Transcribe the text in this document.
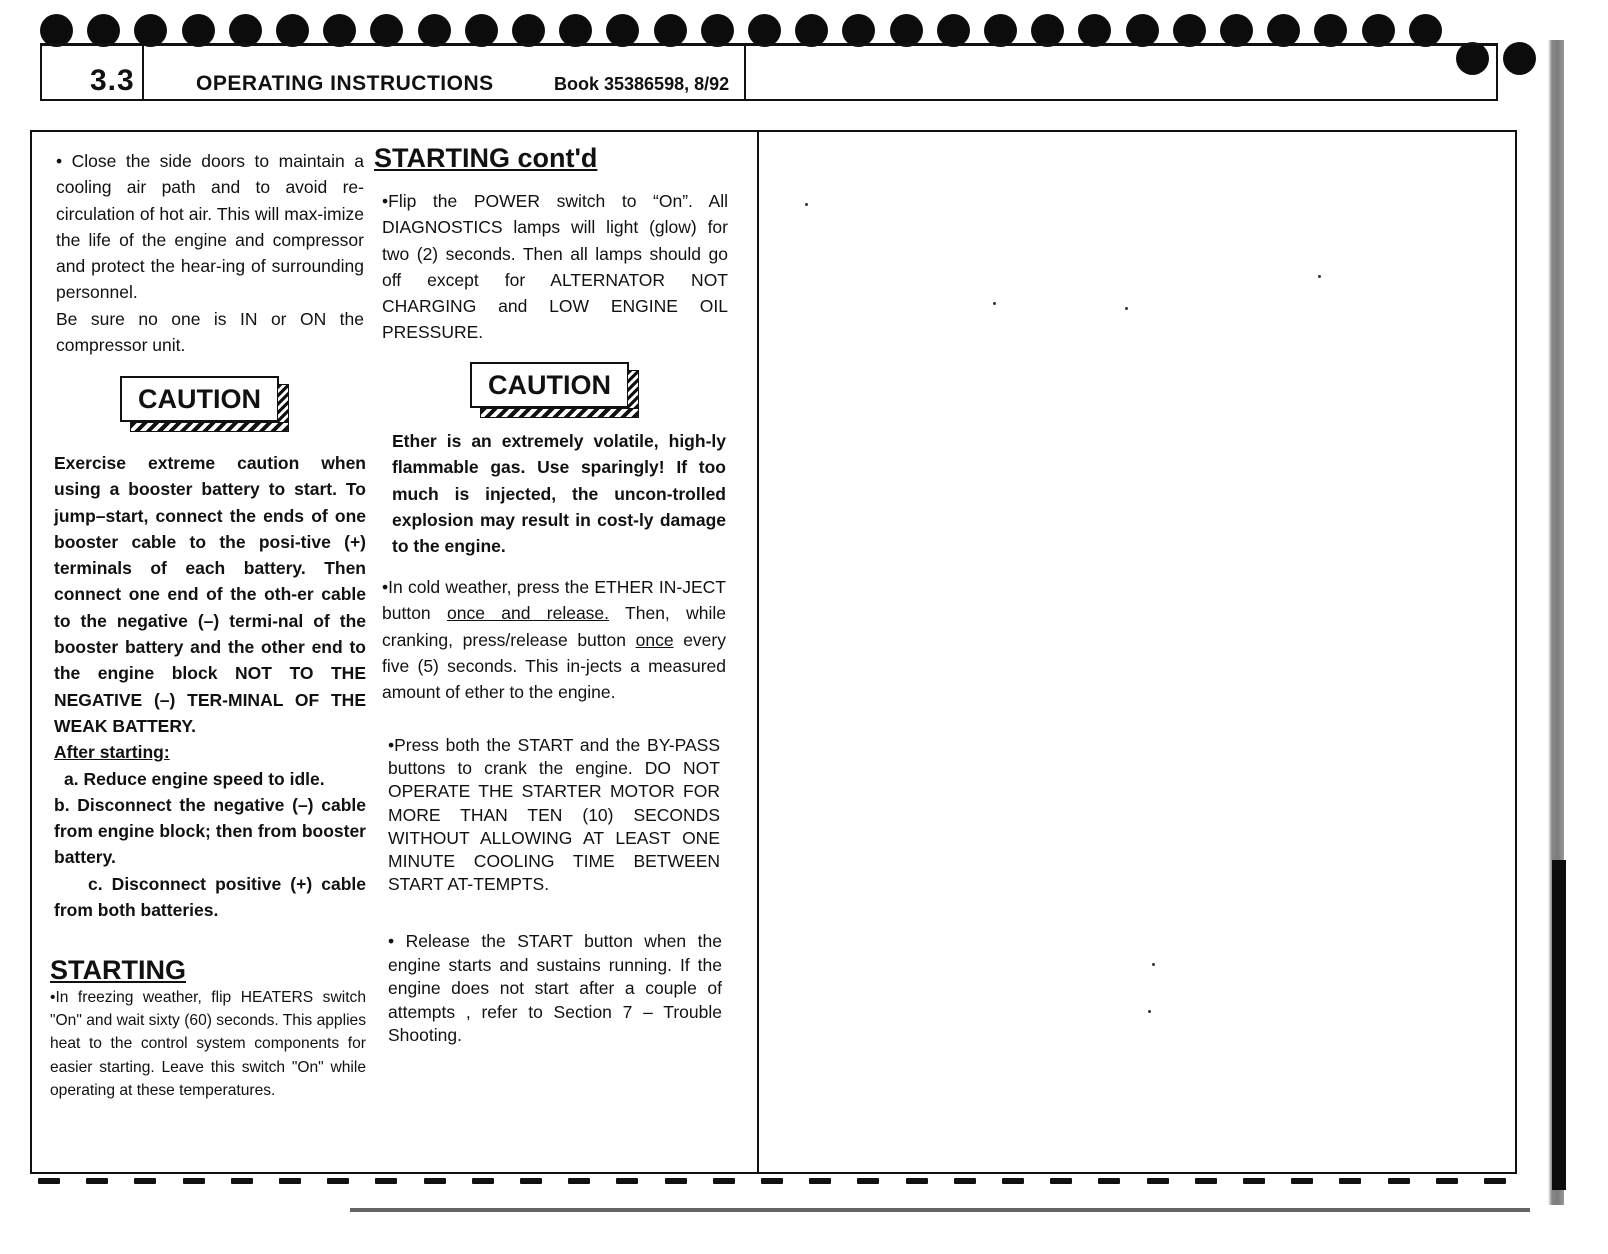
3.3	OPERATING INSTRUCTIONS	Book 35386598, 8/92

• Close the side doors to maintain a cooling air path and to avoid re-circulation of hot air. This will max-imize the life of the engine and compressor and protect the hear-ing of surrounding personnel.

Be sure no one is IN or ON the compressor unit.

CAUTION

Exercise extreme caution when using a booster battery to start. To jump–start, connect the ends of one booster cable to the posi-tive (+) terminals of each battery. Then connect one end of the oth-er cable to the negative (–) termi-nal of the booster battery and the other end to the engine block NOT TO THE NEGATIVE (–) TER-MINAL OF THE WEAK BATTERY.

After starting:

a. Reduce engine speed to idle.

b. Disconnect the negative (–) cable from engine block; then from booster battery.

c. Disconnect positive (+) cable from both batteries.

STARTING

•In freezing weather, flip HEATERS switch "On" and wait sixty (60) seconds. This applies heat to the control system components for easier starting. Leave this switch "On" while operating at these temperatures.

STARTING cont'd

•Flip the POWER switch to “On”. All DIAGNOSTICS lamps will light (glow) for two (2) seconds. Then all lamps should go off except for ALTERNATOR NOT CHARGING and LOW ENGINE OIL PRESSURE.

CAUTION

Ether is an extremely volatile, high-ly flammable gas. Use sparingly! If too much is injected, the uncon-trolled explosion may result in cost-ly damage to the engine.

•In cold weather, press the ETHER IN-JECT button once and release. Then, while cranking, press/release button once every five (5) seconds. This in-jects a measured amount of ether to the engine.

•Press both the START and the BY-PASS buttons to crank the engine. DO NOT OPERATE THE STARTER MOTOR FOR MORE THAN TEN (10) SECONDS WITHOUT ALLOWING AT LEAST ONE MINUTE COOLING TIME BETWEEN START AT-TEMPTS.

• Release the START button when the engine starts and sustains running. If the engine does not start after a couple of attempts , refer to Section 7 – Trouble Shooting.
